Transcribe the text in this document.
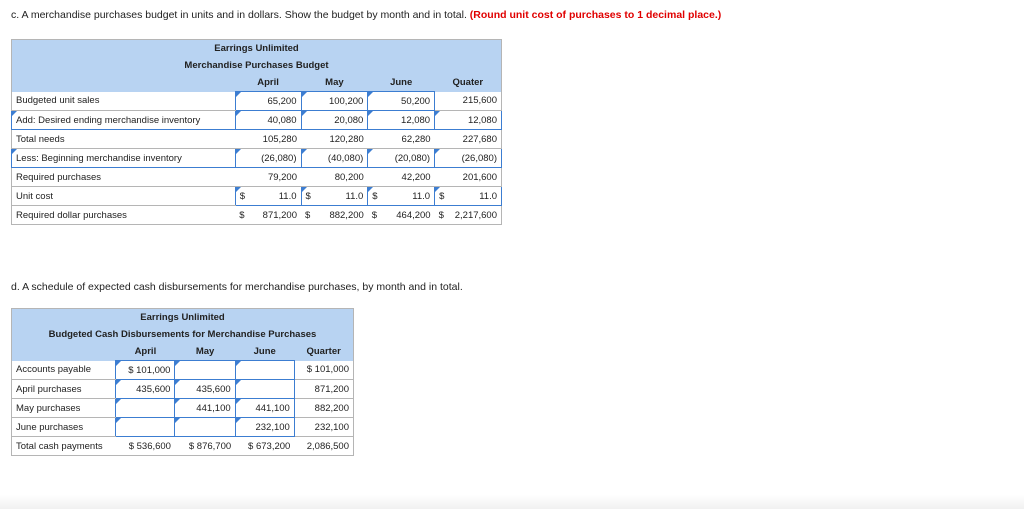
c. A merchandise purchases budget in units and in dollars. Show the budget by month and in total. (Round unit cost of purchases to 1 decimal place.)
Earrings Unlimited				
Merchandise Purchases Budget				
	April	May	June	Quater
Budgeted unit sales	65,200	100,200	50,200	215,600
Add: Desired ending merchandise inventory	40,080	20,080	12,080	12,080
Total needs	105,280	120,280	62,280	227,680
Less: Beginning merchandise inventory	(26,080)	(40,080)	(20,080)	(26,080)
Required purchases	79,200	80,200	42,200	201,600
Unit cost	$ 11.0	$ 11.0	$ 11.0	$ 11.0

Required dollar purchases	$ 871,200	$ 882,200	$ 464,200	$ 2,217,600
d. A schedule of expected cash disbursements for merchandise purchases, by month and in total.
Earrings Unlimited				
Budgeted Cash Disbursements for Merchandise Purchases				
	April	May	June	Quarter
Accounts payable	$ 101,000			$ 101,000
April purchases	435,600	435,600		871,200
May purchases		441,100	441,100	882,200
June purchases			232,100	232,100
Total cash payments	$ 536,600	$ 876,700	$ 673,200	2,086,500
